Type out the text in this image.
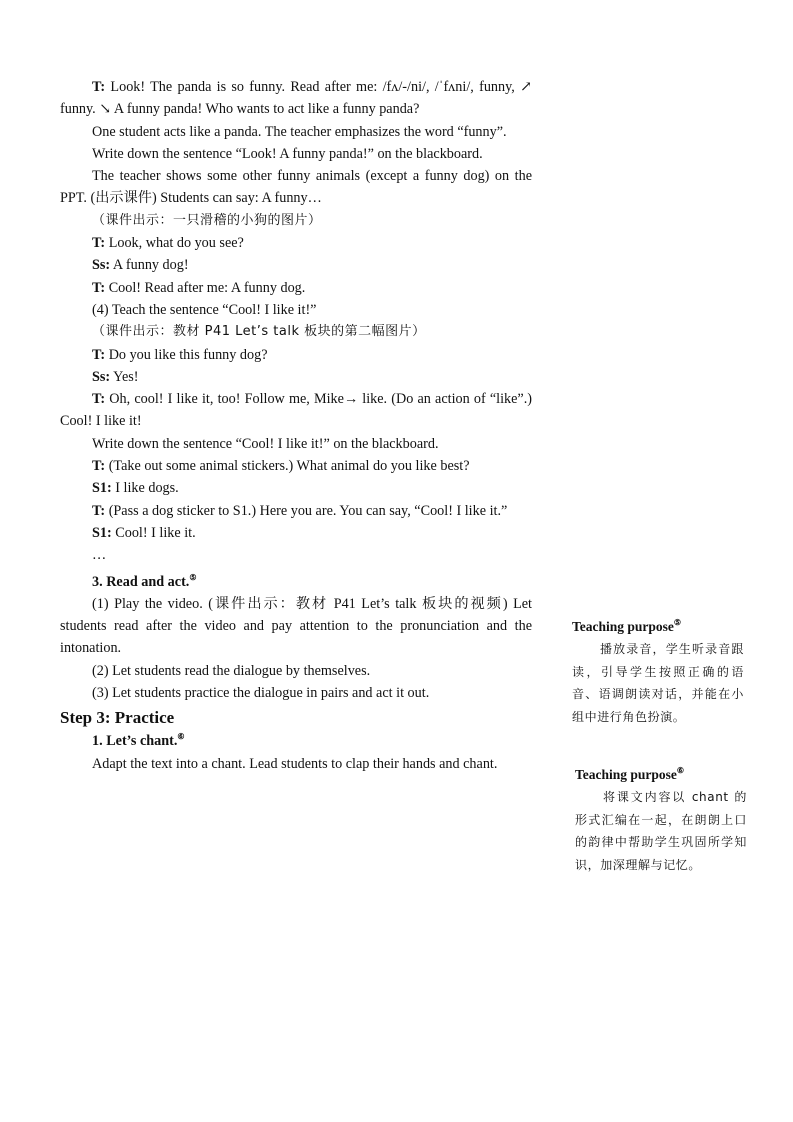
T: Look! The panda is so funny. Read after me: /fʌ/-/ni/, /ˈfʌni/, funny, ↗ funny. ↘ A funny panda! Who wants to act like a funny panda?

One student acts like a panda. The teacher emphasizes the word “funny”.

Write down the sentence “Look! A funny panda!” on the blackboard.

The teacher shows some other funny animals (except a funny dog) on the PPT. (出示课件) Students can say: A funny…

（课件出示：一只滑稽的小狗的图片）

T: Look, what do you see?

Ss: A funny dog!

T: Cool! Read after me: A funny dog.

(4) Teach the sentence “Cool! I like it!”

（课件出示：教材 P41 Let’s talk 板块的第二幅图片）

T: Do you like this funny dog?

Ss: Yes!

T: Oh, cool! I like it, too! Follow me, Mike→ like. (Do an action of “like”.) Cool! I like it!

Write down the sentence “Cool! I like it!” on the blackboard.

T: (Take out some animal stickers.) What animal do you like best?

S1: I like dogs.

T: (Pass a dog sticker to S1.) Here you are. You can say, “Cool! I like it.”

S1: Cool! I like it.

…

3. Read and act.⑤

(1) Play the video. (课件出示：教材 P41 Let’s talk 板块的视频) Let students read after the video and pay attention to the pronunciation and the intonation.

(2) Let students read the dialogue by themselves.

(3) Let students practice the dialogue in pairs and act it out.

Step 3: Practice

1. Let’s chant.⑥

Adapt the text into a chant. Lead students to clap their hands and chant.

Teaching purpose⑤
播放录音，学生听录音跟读，引导学生按照正确的语音、语调朗读对话，并能在小组中进行角色扮演。
Teaching purpose⑥
将课文内容以 chant 的形式汇编在一起，在朗朗上口的韵律中帮助学生巩固所学知识，加深理解与记忆。
